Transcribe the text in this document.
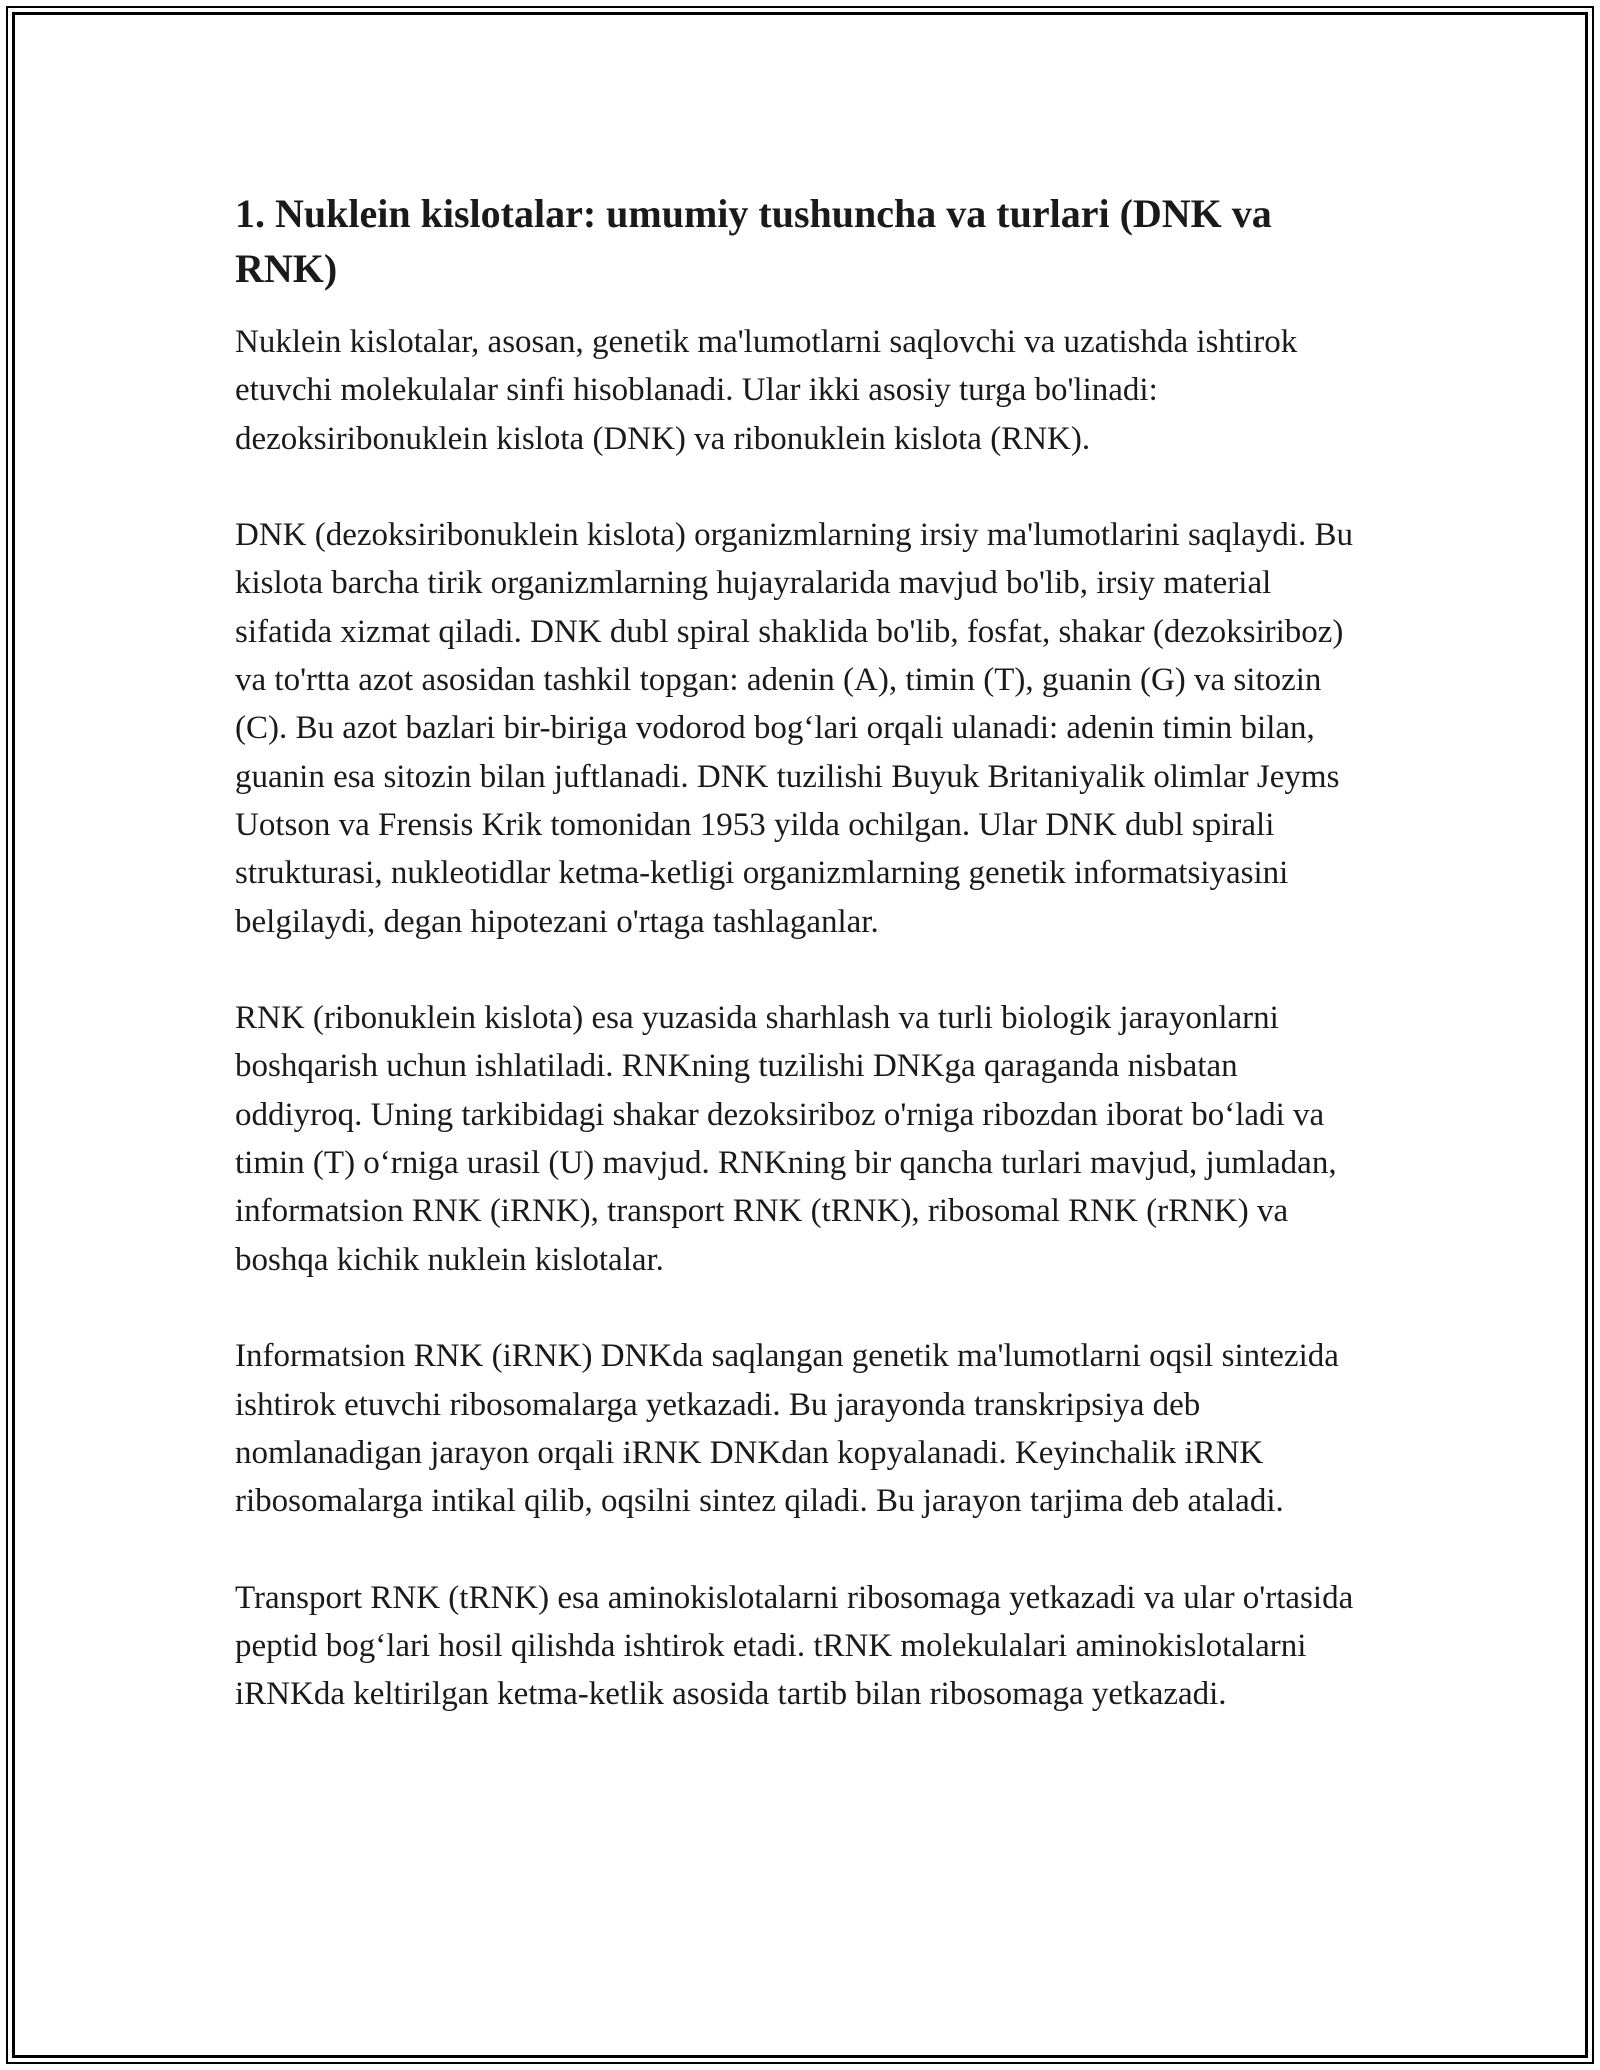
1. Nuklein kislotalar: umumiy tushuncha va turlari (DNK va RNK)

Nuklein kislotalar, asosan, genetik ma'lumotlarni saqlovchi va uzatishda ishtirok etuvchi molekulalar sinfi hisoblanadi. Ular ikki asosiy turga bo'linadi: dezoksiribonuklein kislota (DNK) va ribonuklein kislota (RNK).

DNK (dezoksiribonuklein kislota) organizmlarning irsiy ma'lumotlarini saqlaydi. Bu kislota barcha tirik organizmlarning hujayralarida mavjud bo'lib, irsiy material sifatida xizmat qiladi. DNK dubl spiral shaklida bo'lib, fosfat, shakar (dezoksiriboz) va to'rtta azot asosidan tashkil topgan: adenin (A), timin (T), guanin (G) va sitozin (C). Bu azot bazlari bir-biriga vodorod bog‘lari orqali ulanadi: adenin timin bilan, guanin esa sitozin bilan juftlanadi. DNK tuzilishi Buyuk Britaniyalik olimlar Jeyms Uotson va Frensis Krik tomonidan 1953 yilda ochilgan. Ular DNK dubl spirali strukturasi, nukleotidlar ketma-ketligi organizmlarning genetik informatsiyasini belgilaydi, degan hipotezani o'rtaga tashlaganlar.

RNK (ribonuklein kislota) esa yuzasida sharhlash va turli biologik jarayonlarni boshqarish uchun ishlatiladi. RNKning tuzilishi DNKga qaraganda nisbatan oddiyroq. Uning tarkibidagi shakar dezoksiriboz o'rniga ribozdan iborat bo‘ladi va timin (T) o‘rniga urasil (U) mavjud. RNKning bir qancha turlari mavjud, jumladan, informatsion RNK (iRNK), transport RNK (tRNK), ribosomal RNK (rRNK) va boshqa kichik nuklein kislotalar.

Informatsion RNK (iRNK) DNKda saqlangan genetik ma'lumotlarni oqsil sintezida ishtirok etuvchi ribosomalarga yetkazadi. Bu jarayonda transkripsiya deb nomlanadigan jarayon orqali iRNK DNKdan kopyalanadi. Keyinchalik iRNK ribosomalarga intikal qilib, oqsilni sintez qiladi. Bu jarayon tarjima deb ataladi.

Transport RNK (tRNK) esa aminokislotalarni ribosomaga yetkazadi va ular o'rtasida peptid bog‘lari hosil qilishda ishtirok etadi. tRNK molekulalari aminokislotalarni iRNKda keltirilgan ketma-ketlik asosida tartib bilan ribosomaga yetkazadi.
